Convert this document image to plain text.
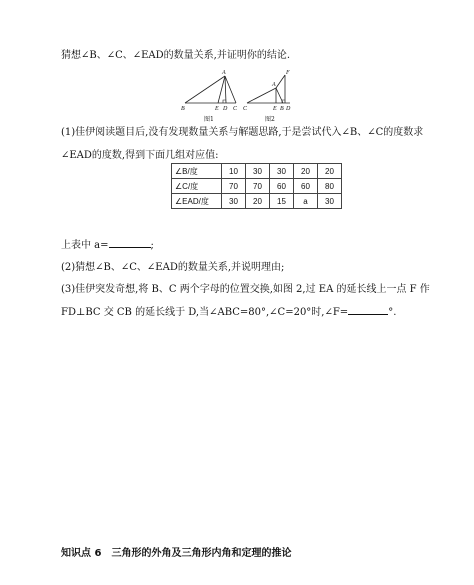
猜想∠B、∠C、∠EAD的数量关系,并证明你的结论.
A
B	E D C
F
A
C	E B D
图1	图2
(1)佳伊阅读题目后,没有发现数量关系与解题思路,于是尝试代入∠B、∠C的度数求
∠EAD的度数,得到下面几组对应值:
∠B/度	10	30	30	20	20
∠C/度	70	70	60	60	80
∠EAD/度	30	20	15	a	30
上表中 a=	;
(2)猜想∠B、∠C、∠EAD的数量关系,并说明理由;
(3)佳伊突发奇想,将 B、C 两个字母的位置交换,如图 2,过 EA 的延长线上一点 F 作
FD⊥BC 交 CB 的延长线于 D,当∠ABC=80°,∠C=20°时,∠F=	°.
知识点 6　三角形的外角及三角形内角和定理的推论
